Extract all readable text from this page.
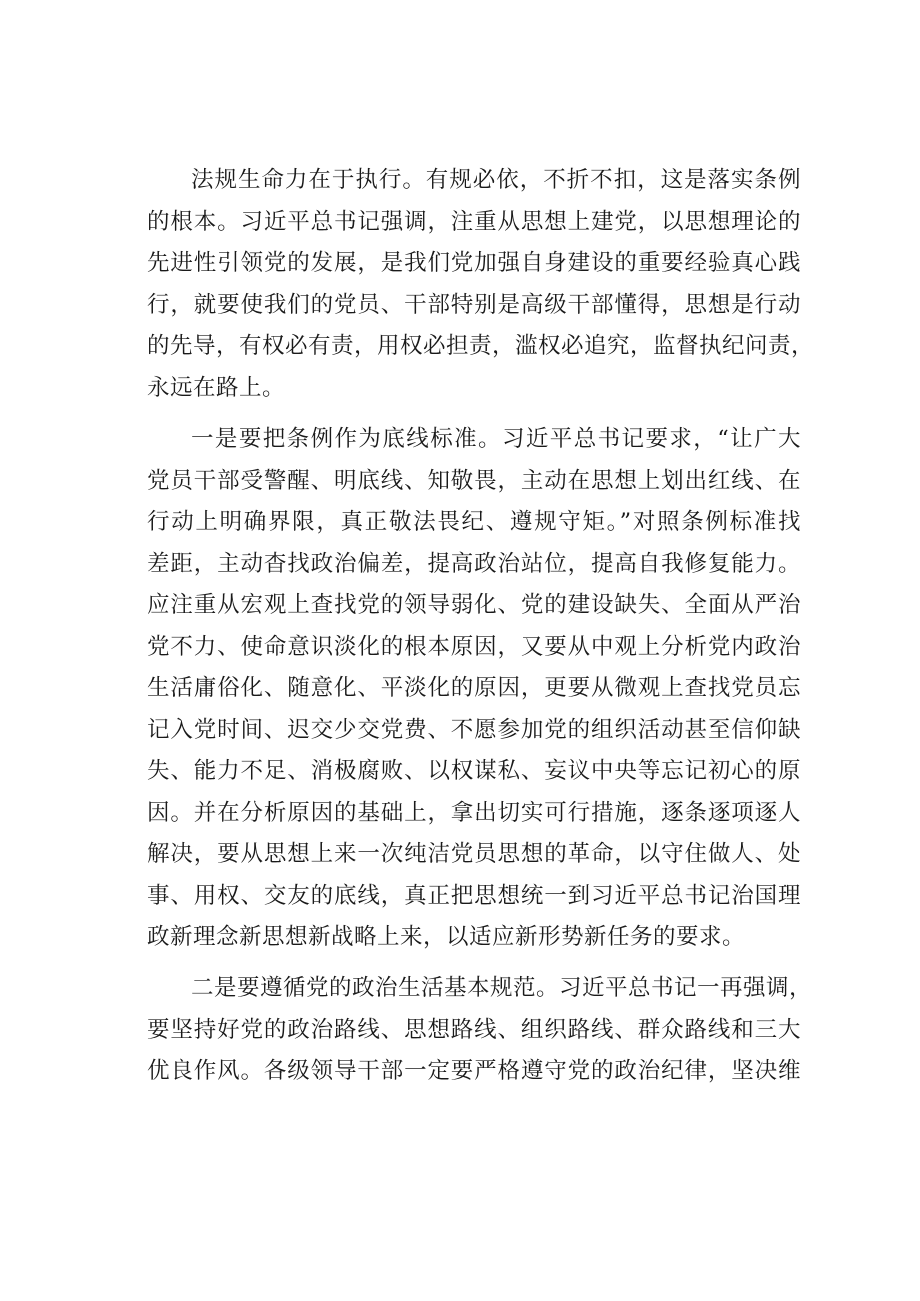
法规生命力在于执行。有规必依，不折不扣，这是落实条例
的根本。习近平总书记强调，注重从思想上建党，以思想理论的
先进性引领党的发展，是我们党加强自身建设的重要经验真心践
行，就要使我们的党员、干部特别是高级干部懂得，思想是行动
的先导，有权必有责，用权必担责，滥权必追究，监督执纪问责，
永远在路上。
一是要把条例作为底线标准。习近平总书记要求，“让广大
党员干部受警醒、明底线、知敬畏，主动在思想上划出红线、在
行动上明确界限，真正敬法畏纪、遵规守矩。”对照条例标准找
差距，主动杳找政治偏差，提高政治站位，提高自我修复能力。
应注重从宏观上查找党的领导弱化、党的建设缺失、全面从严治
党不力、使命意识淡化的根本原因，又要从中观上分析党内政治
生活庸俗化、随意化、平淡化的原因，更要从微观上查找党员忘
记入党时间、迟交少交党费、不愿参加党的组织活动甚至信仰缺
失、能力不足、消极腐败、以权谋私、妄议中央等忘记初心的原
因。并在分析原因的基础上，拿出切实可行措施，逐条逐项逐人
解决，要从思想上来一次纯洁党员思想的革命，以守住做人、处
事、用权、交友的底线，真正把思想统一到习近平总书记治国理
政新理念新思想新战略上来，以适应新形势新任务的要求。
二是要遵循党的政治生活基本规范。习近平总书记一再强调，
要坚持好党的政治路线、思想路线、组织路线、群众路线和三大
优良作风。各级领导干部一定要严格遵守党的政治纪律，坚决维
